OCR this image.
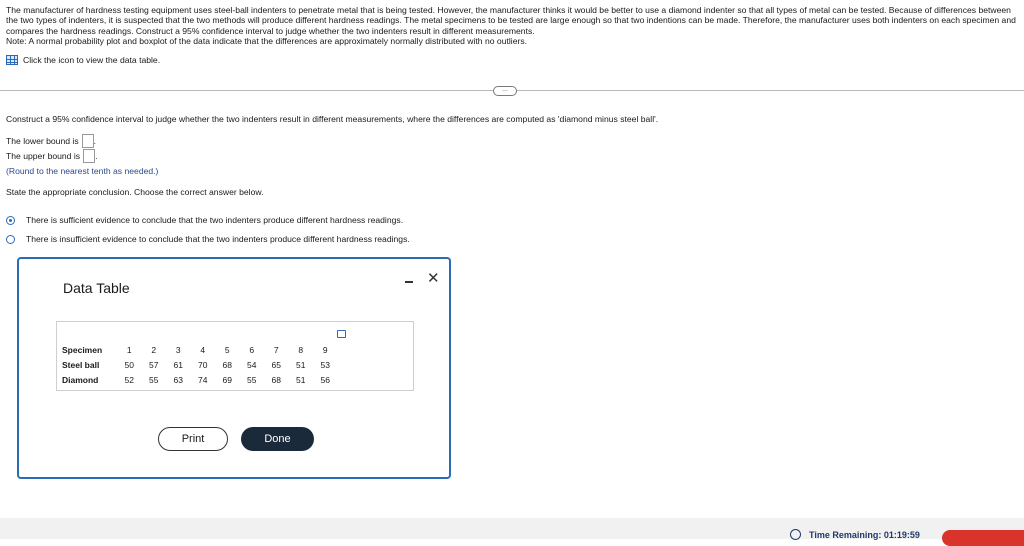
The manufacturer of hardness testing equipment uses steel-ball indenters to penetrate metal that is being tested. However, the manufacturer thinks it would be better to use a diamond indenter so that all types of metal can be tested. Because of differences between the two types of indenters, it is suspected that the two methods will produce different hardness readings. The metal specimens to be tested are large enough so that two indentions can be made. Therefore, the manufacturer uses both indenters on each specimen and compares the hardness readings. Construct a 95% confidence interval to judge whether the two indenters result in different measurements.

Note: A normal probability plot and boxplot of the data indicate that the differences are approximately normally distributed with no outliers.

Click the icon to view the data table.
…
Construct a 95% confidence interval to judge whether the two indenters result in different measurements, where the differences are computed as 'diamond minus steel ball'.
The lower bound is .
The upper bound is .
(Round to the nearest tenth as needed.)
State the appropriate conclusion. Choose the correct answer below.
There is sufficient evidence to conclude that the two indenters produce different hardness readings.
There is insufficient evidence to conclude that the two indenters produce different hardness readings.
Data Table
✕
Specimen	1	2	3	4	5	6	7	8	9
Steel ball	50	57	61	70	68	54	65	51	53
Diamond	52	55	63	74	69	55	68	51	56
Print	Done
Time Remaining: 01:19:59
